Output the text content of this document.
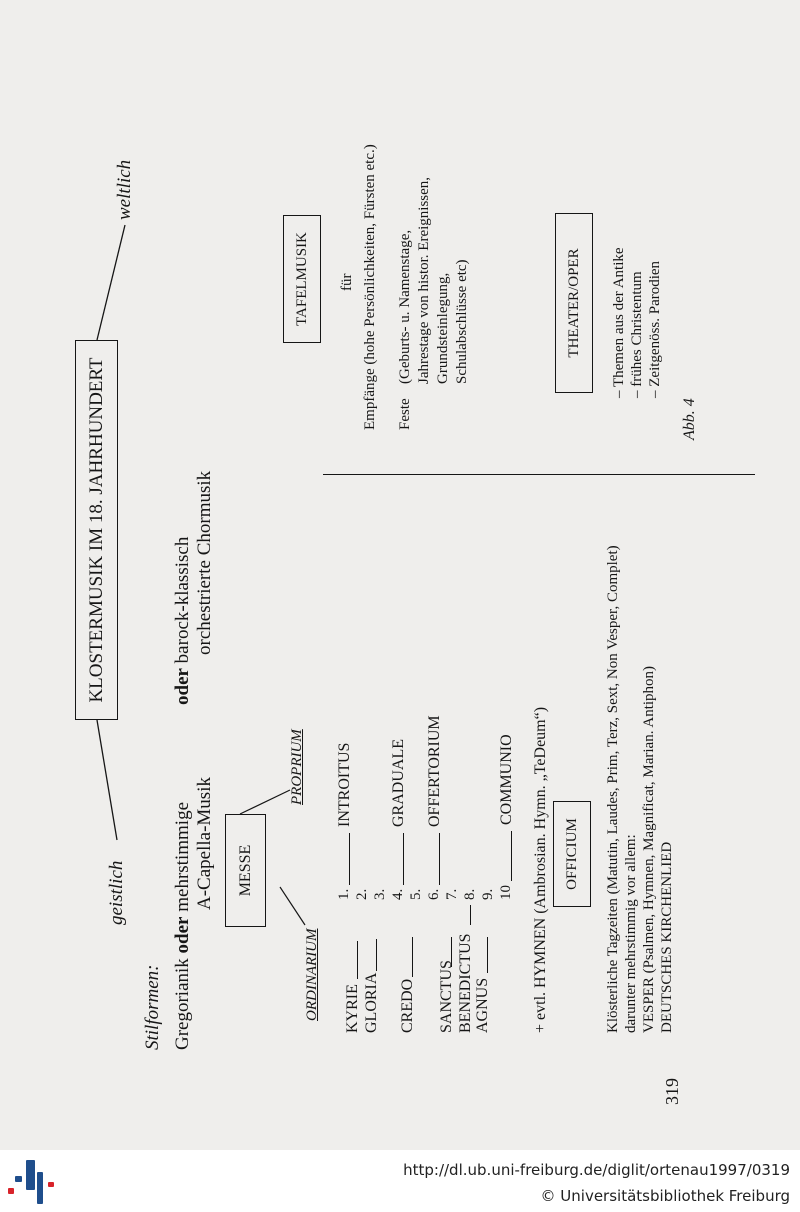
KLOSTERMUSIK IM 18. JAHRHUNDERT
geistlich
weltlich
Stilformen: Gregorianik oder mehrstimmige A-Capella-Musik
oder barock-klassisch orchestrierte Chormusik
MESSE
ORDINARIUM
PROPRIUM
KYRIE GLORIA CREDO SANCTUS BENEDICTUS AGNUS
1. 2. 3. 4. 5. 6. 7. 8. 9. 10
INTROITUS GRADUALE OFFERTORIUM	COMMUNIO + evtl. HYMNEN (Ambrosian. Hymn. „TeDeum“) OFFICIUM Klösterliche Tagzeiten (Matutin, Laudes, Prim, Terz, Sext, Non Vesper, Complet) darunter mehrstimmig vor allem: VESPER (Psalmen, Hymnen, Magnificat, Marian. Antiphon) DEUTSCHES KIRCHENLIED
TAFELMUSIK für Empfänge (hohe Persönlichkeiten, Fürsten etc.) Feste
(Geburts- u. Namenstage, Jahrestage von histor. Ereignissen, Grundsteinlegung, Schulabschlüsse etc)	THEATER/OPER – Themen aus der Antike – frühes Christentum – Zeitgenöss. Parodien
Abb. 4
319
http://dl.ub.uni-freiburg.de/diglit/ortenau1997/0319
© Universitätsbibliothek Freiburg
